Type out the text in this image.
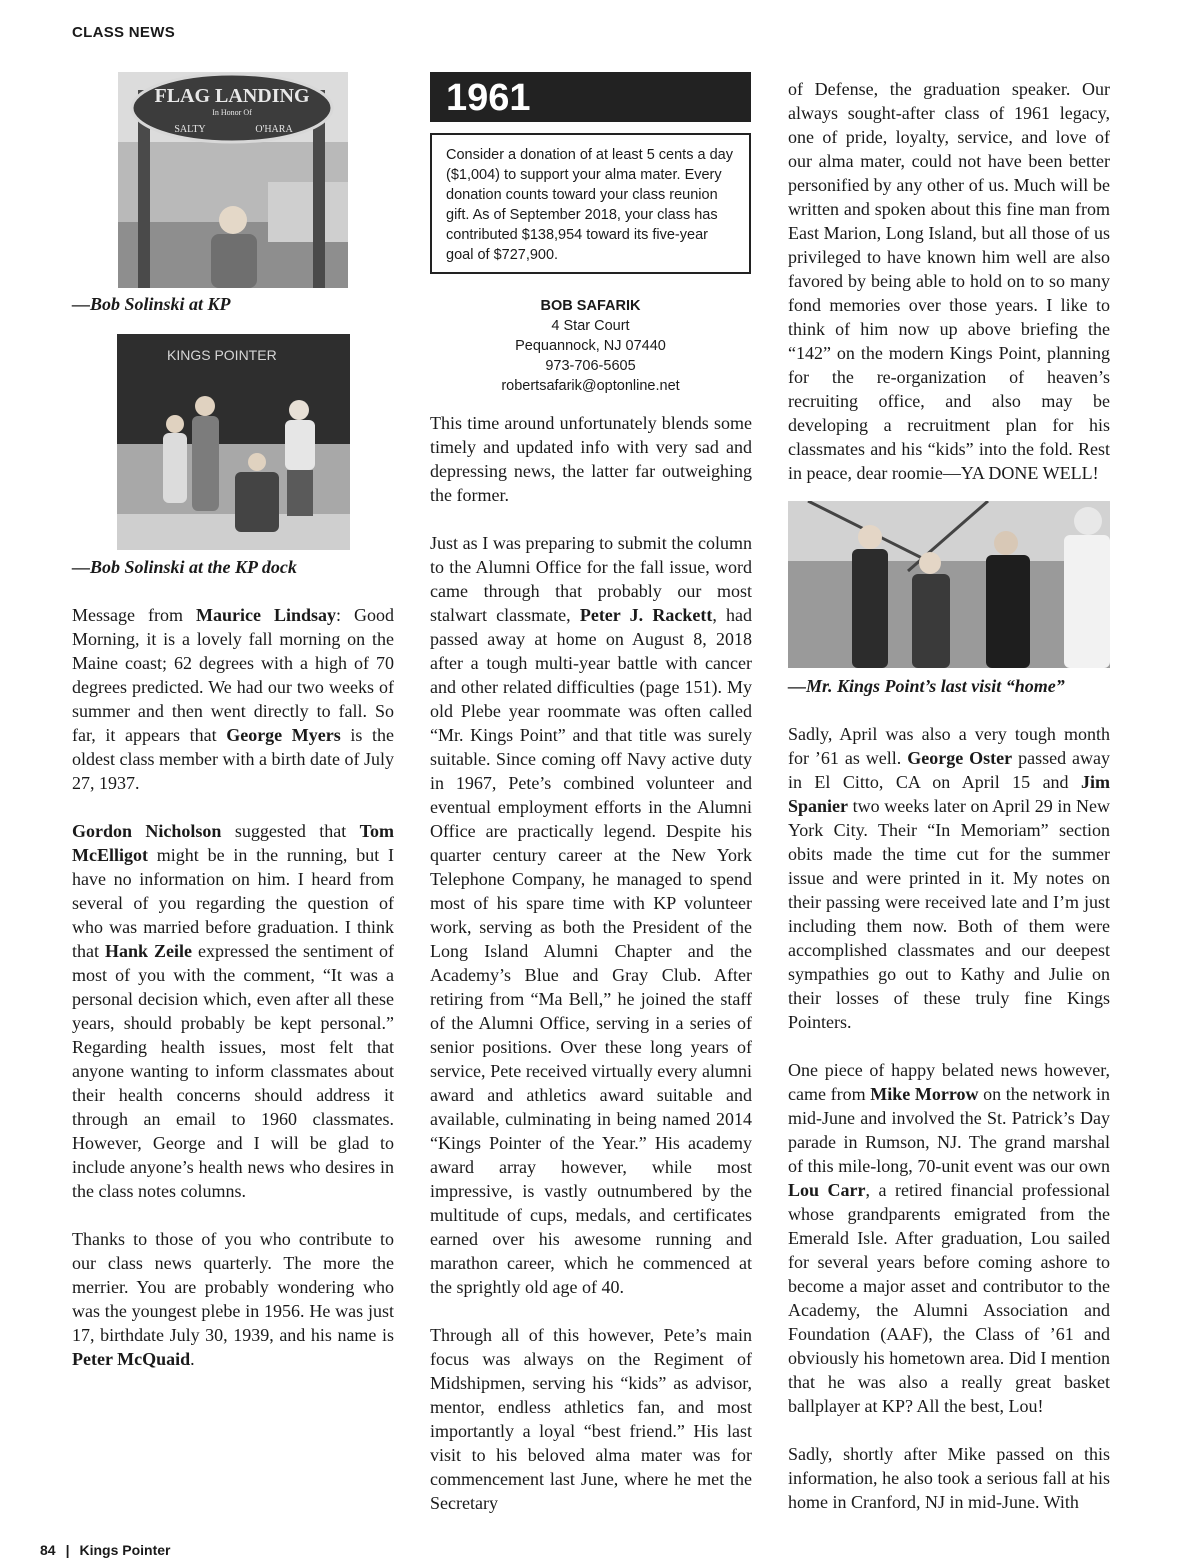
CLASS NEWS
FLAG LANDING
In Honor Of
SALTY	O'HARA
—Bob Solinski at KP
KINGS POINTER
—Bob Solinski at the KP dock

Message from Maurice Lindsay: Good Morning, it is a lovely fall morning on the Maine coast; 62 degrees with a high of 70 degrees predicted. We had our two weeks of summer and then went directly to fall. So far, it appears that George Myers is the oldest class member with a birth date of July 27, 1937.

Gordon Nicholson suggested that Tom McElligot might be in the running, but I have no information on him. I heard from several of you regarding the question of who was married before graduation. I think that Hank Zeile expressed the sentiment of most of you with the comment, “It was a personal decision which, even after all these years, should probably be kept personal.” Regarding health issues, most felt that anyone wanting to inform classmates about their health concerns should address it through an email to 1960 classmates. However, George and I will be glad to include anyone’s health news who desires in the class notes columns.

Thanks to those of you who contribute to our class news quarterly. The more the merrier. You are probably wondering who was the youngest plebe in 1956. He was just 17, birthdate July 30, 1939, and his name is Peter McQuaid.

1961
Consider a donation of at least 5 cents a day ($1,004) to support your alma mater. Every donation counts toward your class reunion gift. As of September 2018, your class has contributed $138,954 toward its five-year goal of $727,900.
BOB SAFARIK
4 Star Court
Pequannock, NJ 07440
973-706-5605
robertsafarik@optonline.net

This time around unfortunately blends some timely and updated info with very sad and depressing news, the latter far outweighing the former.

Just as I was preparing to submit the column to the Alumni Office for the fall issue, word came through that probably our most stalwart classmate, Peter J. Rackett, had passed away at home on August 8, 2018 after a tough multi-year battle with cancer and other related difficulties (page 151). My old Plebe year roommate was often called “Mr. Kings Point” and that title was surely suitable. Since coming off Navy active duty in 1967, Pete’s combined volunteer and eventual employment efforts in the Alumni Office are practically legend. Despite his quarter century career at the New York Telephone Company, he managed to spend most of his spare time with KP volunteer work, serving as both the President of the Long Island Alumni Chapter and the Academy’s Blue and Gray Club. After retiring from “Ma Bell,” he joined the staff of the Alumni Office, serving in a series of senior positions. Over these long years of service, Pete received virtually every alumni award and athletics award suitable and available, culminating in being named 2014 “Kings Pointer of the Year.” His academy award array however, while most impressive, is vastly outnumbered by the multitude of cups, medals, and certificates earned over his awesome running and marathon career, which he commenced at the sprightly old age of 40.

Through all of this however, Pete’s main focus was always on the Regiment of Midshipmen, serving his “kids” as advisor, mentor, endless athletics fan, and most importantly a loyal “best friend.” His last visit to his beloved alma mater was for commencement last June, where he met the Secretary

of Defense, the graduation speaker. Our always sought-after class of 1961 legacy, one of pride, loyalty, service, and love of our alma mater, could not have been better personified by any other of us. Much will be written and spoken about this fine man from East Marion, Long Island, but all those of us privileged to have known him well are also favored by being able to hold on to so many fond memories over those years. I like to think of him now up above briefing the “142” on the modern Kings Point, planning for the re-organization of heaven’s recruiting office, and also may be developing a recruitment plan for his classmates and his “kids” into the fold. Rest in peace, dear roomie—YA DONE WELL!

—Mr. Kings Point’s last visit “home”

Sadly, April was also a very tough month for ’61 as well. George Oster passed away in El Citto, CA on April 15 and Jim Spanier two weeks later on April 29 in New York City. Their “In Memoriam” section obits made the time cut for the summer issue and were printed in it. My notes on their passing were received late and I’m just including them now. Both of them were accomplished classmates and our deepest sympathies go out to Kathy and Julie on their losses of these truly fine Kings Pointers.

One piece of happy belated news however, came from Mike Morrow on the network in mid-June and involved the St. Patrick’s Day parade in Rumson, NJ. The grand marshal of this mile-long, 70-unit event was our own Lou Carr, a retired financial professional whose grandparents emigrated from the Emerald Isle. After graduation, Lou sailed for several years before coming ashore to become a major asset and contributor to the Academy, the Alumni Association and Foundation (AAF), the Class of ’61 and obviously his hometown area. Did I mention that he was also a really great basket ballplayer at KP? All the best, Lou!

Sadly, shortly after Mike passed on this information, he also took a serious fall at his home in Cranford, NJ in mid-June. With

84 | Kings Pointer
